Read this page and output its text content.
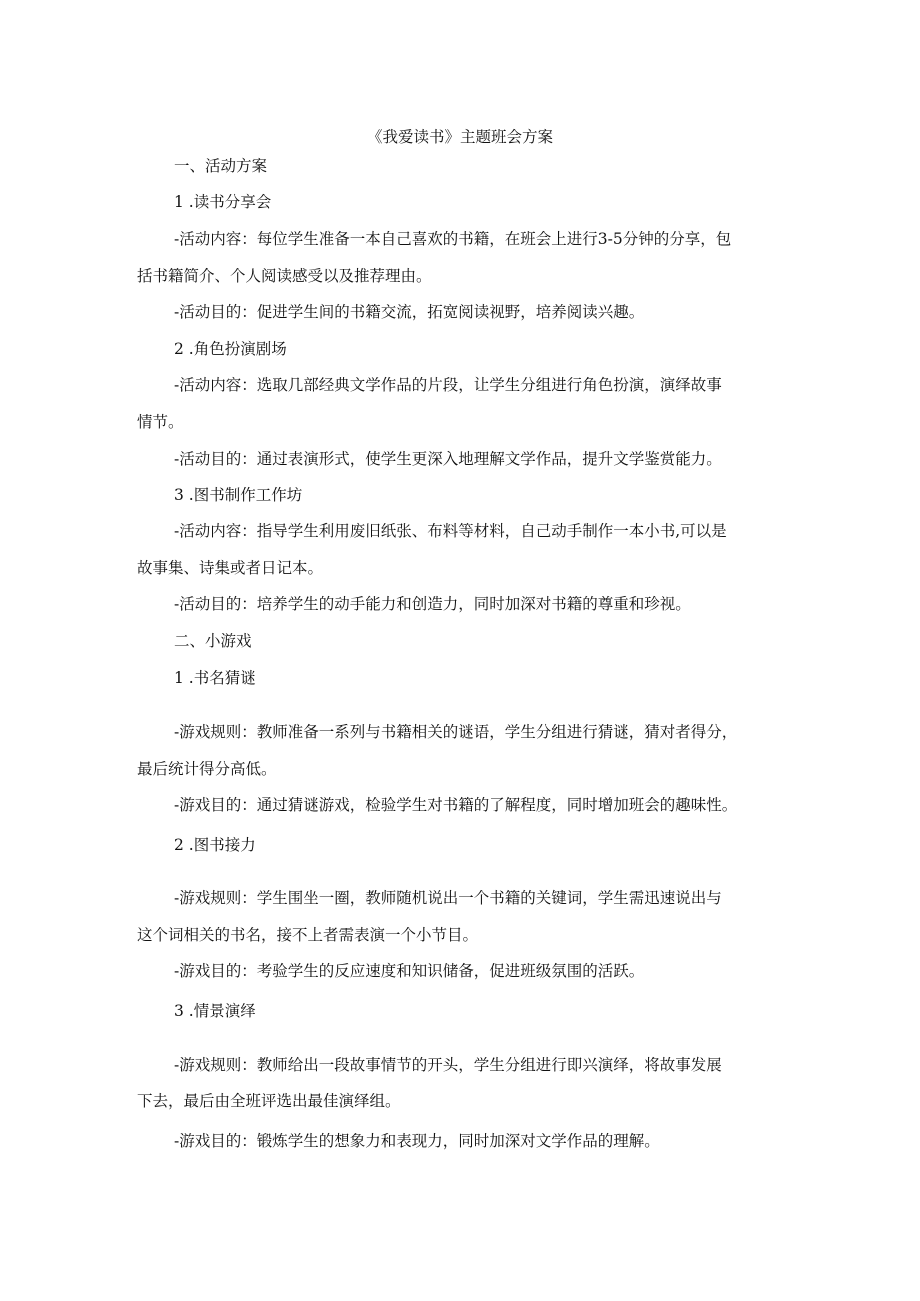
《我爱读书》主题班会方案
一、活动方案
1 .读书分享会
-活动内容：每位学生准备一本自己喜欢的书籍，在班会上进行3-5分钟的分享，包
括书籍简介、个人阅读感受以及推荐理由。
-活动目的：促进学生间的书籍交流，拓宽阅读视野，培养阅读兴趣。
2 .角色扮演剧场
-活动内容：选取几部经典文学作品的片段，让学生分组进行角色扮演，演绎故事
情节。
-活动目的：通过表演形式，使学生更深入地理解文学作品，提升文学鉴赏能力。
3 .图书制作工作坊
-活动内容：指导学生利用废旧纸张、布料等材料，自己动手制作一本小书,可以是
故事集、诗集或者日记本。
-活动目的：培养学生的动手能力和创造力，同时加深对书籍的尊重和珍视。
二、小游戏
1 .书名猜谜
-游戏规则：教师准备一系列与书籍相关的谜语，学生分组进行猜谜，猜对者得分，
最后统计得分高低。
-游戏目的：通过猜谜游戏，检验学生对书籍的了解程度，同时增加班会的趣味性。
2 .图书接力
-游戏规则：学生围坐一圈，教师随机说出一个书籍的关键词，学生需迅速说出与
这个词相关的书名，接不上者需表演一个小节目。
-游戏目的：考验学生的反应速度和知识储备，促进班级氛围的活跃。
3 .情景演绎
-游戏规则：教师给出一段故事情节的开头，学生分组进行即兴演绎，将故事发展
下去，最后由全班评选出最佳演绎组。
-游戏目的：锻炼学生的想象力和表现力，同时加深对文学作品的理解。
